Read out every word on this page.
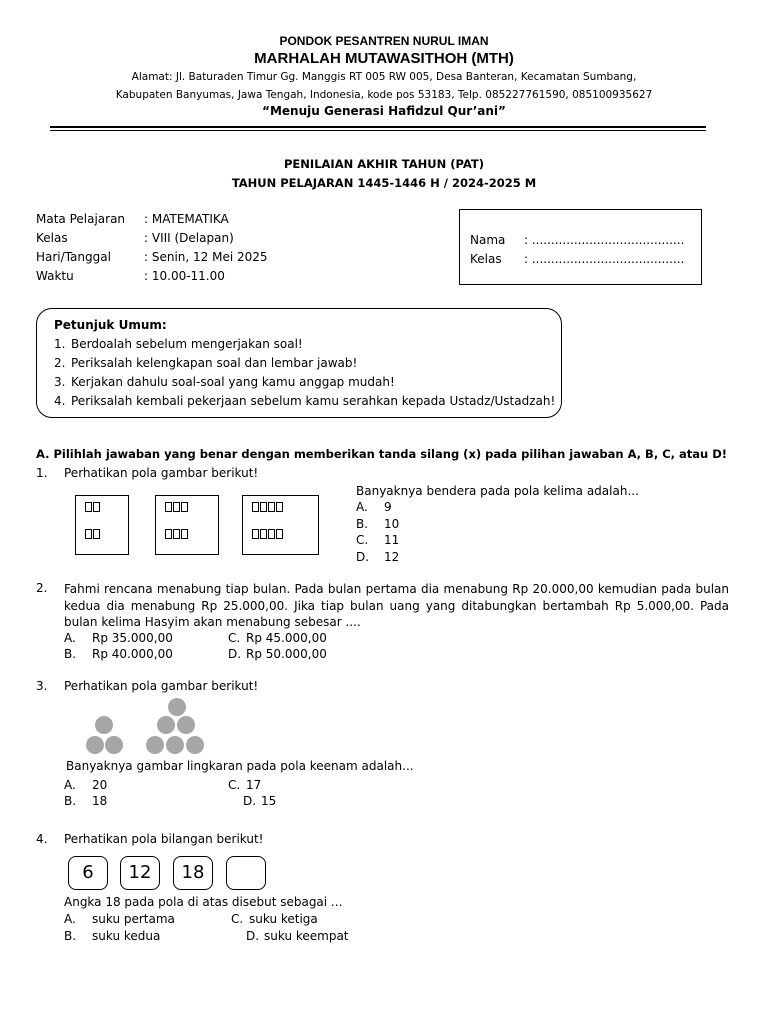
PONDOK PESANTREN NURUL IMAN
MARHALAH MUTAWASITHOH (MTH)
Alamat: Jl. Baturaden Timur Gg. Manggis RT 005 RW 005, Desa Banteran, Kecamatan Sumbang,
Kabupaten Banyumas, Jawa Tengah, Indonesia, kode pos 53183, Telp. 085227761590, 085100935627
“Menuju Generasi Hafidzul Qur’ani”
PENILAIAN AKHIR TAHUN (PAT)
TAHUN PELAJARAN 1445-1446 H / 2024-2025 M
Mata Pelajaran	: MATEMATIKA
Kelas	: VIII (Delapan)
Hari/Tanggal	: Senin, 12 Mei 2025
Waktu	: 10.00-11.00
Nama	: ........................................
Kelas	: ........................................
Petunjuk Umum:
1. Berdoalah sebelum mengerjakan soal!
2. Periksalah kelengkapan soal dan lembar jawab!
3. Kerjakan dahulu soal-soal yang kamu anggap mudah!
4. Periksalah kembali pekerjaan sebelum kamu serahkan kepada Ustadz/Ustadzah!
A. Pilihlah jawaban yang benar dengan memberikan tanda silang (x) pada pilihan jawaban A, B, C, atau D!
1. Perhatikan pola gambar berikut!
Banyaknya bendera pada pola kelima adalah...
A.	9
B.	10
C.	11
D.	12
2. Fahmi rencana menabung tiap bulan. Pada bulan pertama dia menabung Rp 20.000,00 kemudian pada bulan kedua dia menabung Rp 25.000,00. Jika tiap bulan uang yang ditabungkan bertambah Rp 5.000,00. Pada bulan kelima Hasyim akan menabung sebesar ....
A.	Rp 35.000,00
B.	Rp 40.000,00
C. Rp 45.000,00
D. Rp 50.000,00
3. Perhatikan pola gambar berikut!
Banyaknya gambar lingkaran pada pola keenam adalah...
A.	20
B.	18
C. 17
D. 15
4. Perhatikan pola bilangan berikut!
6	12	18
Angka 18 pada pola di atas disebut sebagai ...
A.	suku pertama
B.	suku kedua
C. suku ketiga
D. suku keempat
